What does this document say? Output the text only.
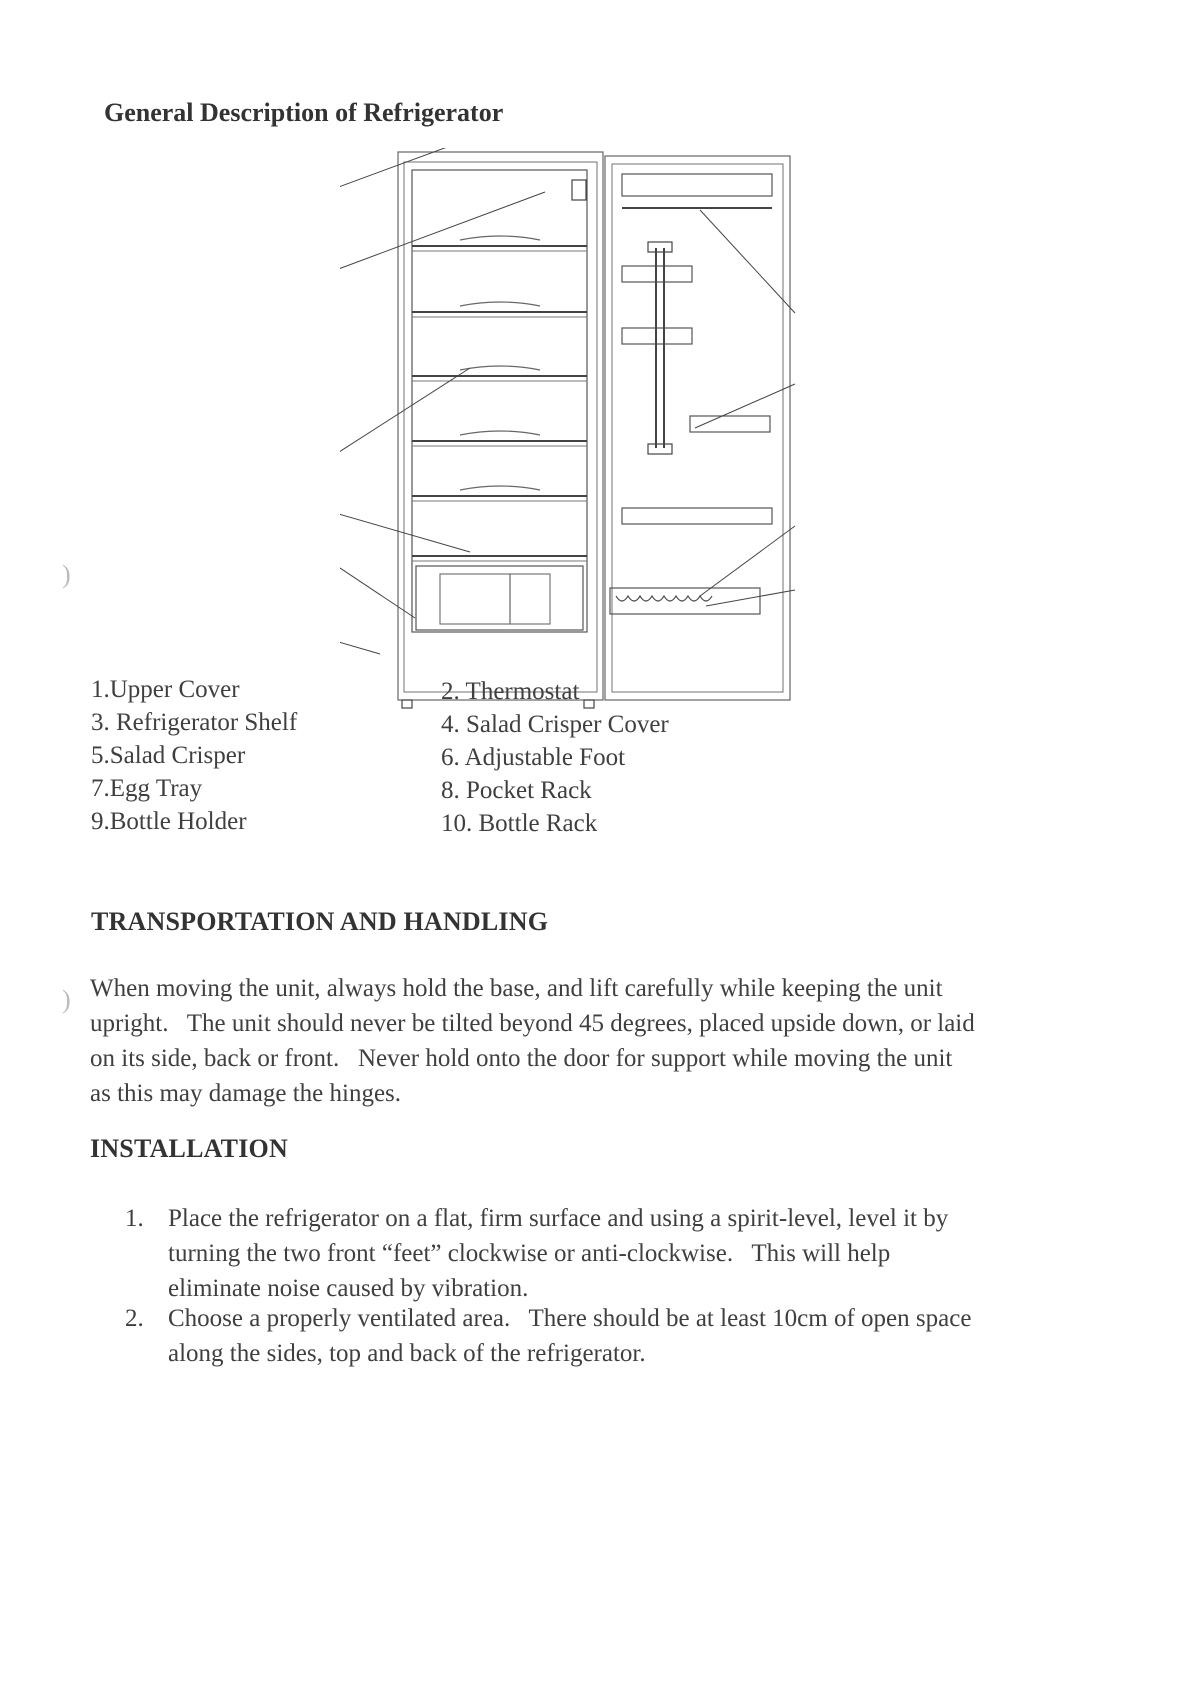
)
)
General Description of Refrigerator
1.Upper Cover	2. Thermostat
3. Refrigerator Shelf	4. Salad Crisper Cover
5.Salad Crisper	6. Adjustable Foot
7.Egg Tray	8. Pocket Rack
9.Bottle Holder	10. Bottle Rack
TRANSPORTATION AND HANDLING
When moving the unit, always hold the base, and lift carefully while keeping the unit
upright.   The unit should never be tilted beyond 45 degrees, placed upside down, or laid
on its side, back or front.   Never hold onto the door for support while moving the unit
as this may damage the hinges.
INSTALLATION
1. Place the refrigerator on a flat, firm surface and using a spirit-level, level it by
turning the two front “feet” clockwise or anti-clockwise.   This will help
eliminate noise caused by vibration.
2. Choose a properly ventilated area.   There should be at least 10cm of open space
along the sides, top and back of the refrigerator.
